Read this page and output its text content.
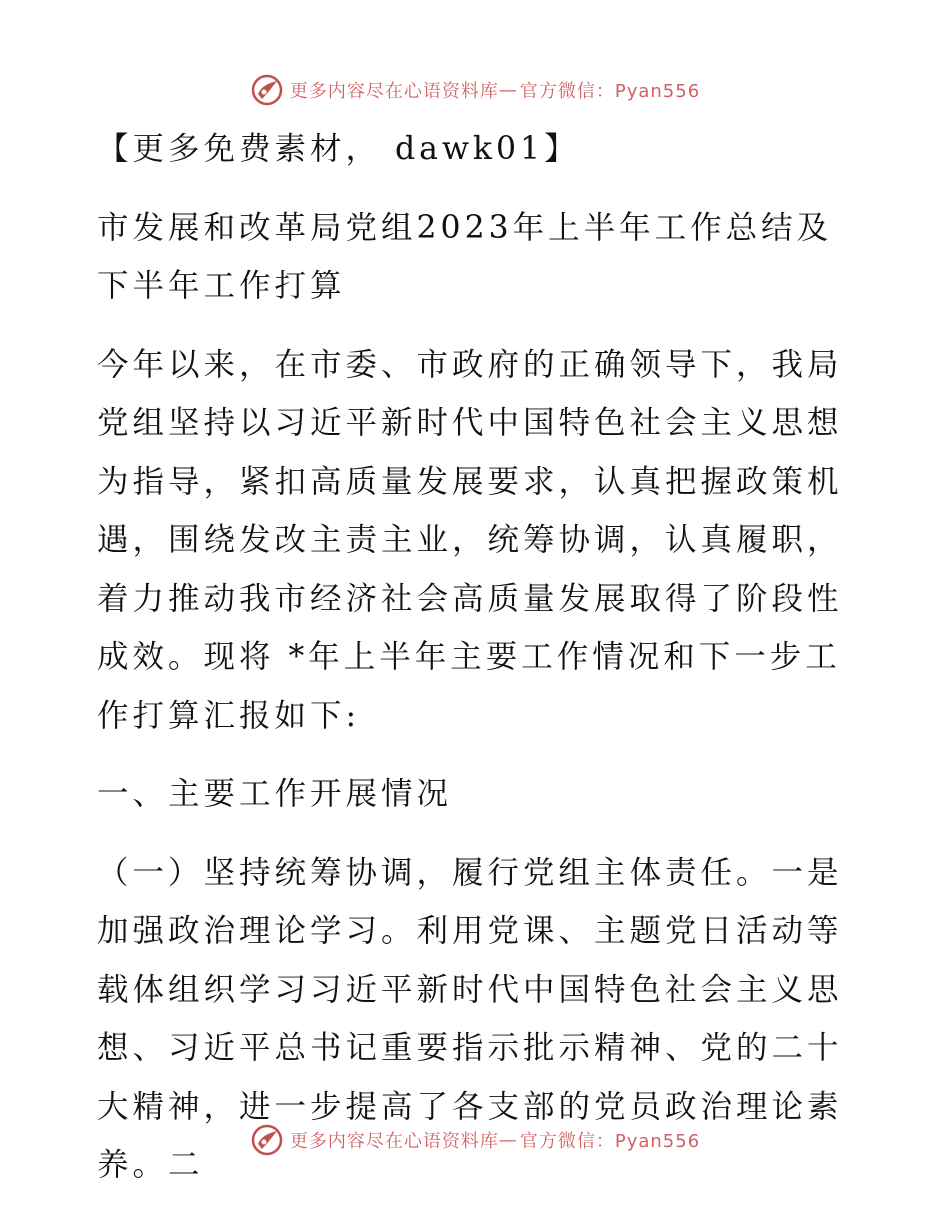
更多内容尽在心语资料库 — 官方微信：Pyan556

【更多免费素材， dawk01】

市发展和改革局党组2023年上半年工作总结及下半年工作打算

今年以来，在市委、市政府的正确领导下，我局党组坚持以习近平新时代中国特色社会主义思想为指导，紧扣高质量发展要求，认真把握政策机遇，围绕发改主责主业，统筹协调，认真履职，着力推动我市经济社会高质量发展取得了阶段性成效。现将 *年上半年主要工作情况和下一步工作打算汇报如下:

一、主要工作开展情况

（一）坚持统筹协调，履行党组主体责任。一是加强政治理论学习。利用党课、主题党日活动等载体组织学习习近平新时代中国特色社会主义思想、习近平总书记重要指示批示精神、党的二十大精神，进一步提高了各支部的党员政治理论素养。二

更多内容尽在心语资料库 — 官方微信：Pyan556
